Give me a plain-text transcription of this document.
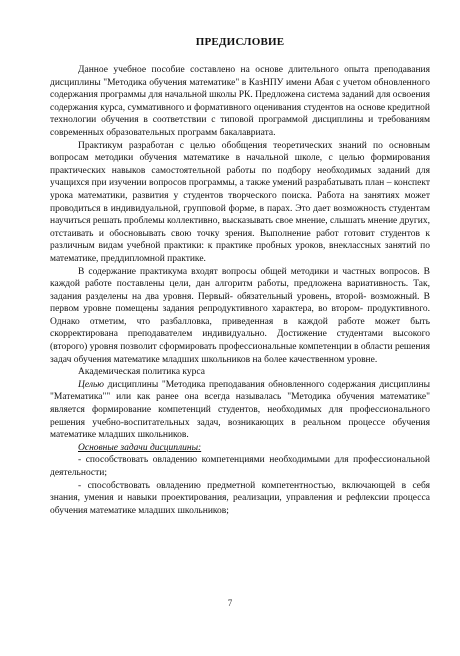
ПРЕДИСЛОВИЕ

Данное учебное пособие составлено на основе длительного опыта преподавания дисциплины "Методика обучения математике" в КазНПУ имени Абая с учетом обновленного содержания программы для начальной школы РК. Предложена система заданий для освоения содержания курса, суммативного и формативного оценивания студентов на основе кредитной технологии обучения в соответствии с типовой программой дисциплины и требованиям современных образовательных программ бакалавриата.

Практикум разработан с целью обобщения теоретических знаний по основным вопросам методики обучения математике в начальной школе, с целью формирования практических навыков самостоятельной работы по подбору необходимых заданий для учащихся при изучении вопросов программы, а также умений разрабатывать план – конспект урока математики, развития у студентов творческого поиска. Работа на занятиях может проводиться в индивидуальной, групповой форме, в парах. Это дает возможность студентам научиться решать проблемы коллективно, высказывать свое мнение, слышать мнение других, отстаивать и обосновывать свою точку зрения. Выполнение работ готовит студентов к различным видам учебной практики: к практике пробных уроков, внеклассных занятий по математике, преддипломной практике.

В содержание практикума входят вопросы общей методики и частных вопросов. В каждой работе поставлены цели, дан алгоритм работы, предложена вариативность. Так, задания разделены на два уровня. Первый- обязательный уровень, второй- возможный. В первом уровне помещены задания репродуктивного характера, во втором- продуктивного. Однако отметим, что разбалловка, приведенная в каждой работе может быть скорректирована преподавателем индивидуально. Достижение студентами высокого (второго) уровня позволит сформировать профессиональные компетенции в области решения задач обучения математике младших школьников на более качественном уровне.

Академическая политика курса

Целью дисциплины "Методика преподавания обновленного содержания дисциплины "Математика"" или как ранее она всегда называлась "Методика обучения математике" является формирование компетенций студентов, необходимых для профессионального решения учебно-воспитательных задач, возникающих в реальном процессе обучения математике младших школьников.

Основные задачи дисциплины:

- способствовать овладению компетенциями необходимыми для профессиональной деятельности;

- способствовать овладению предметной компетентностью, включающей в себя знания, умения и навыки проектирования, реализации, управления и рефлексии процесса обучения математике младших школьников;

7
